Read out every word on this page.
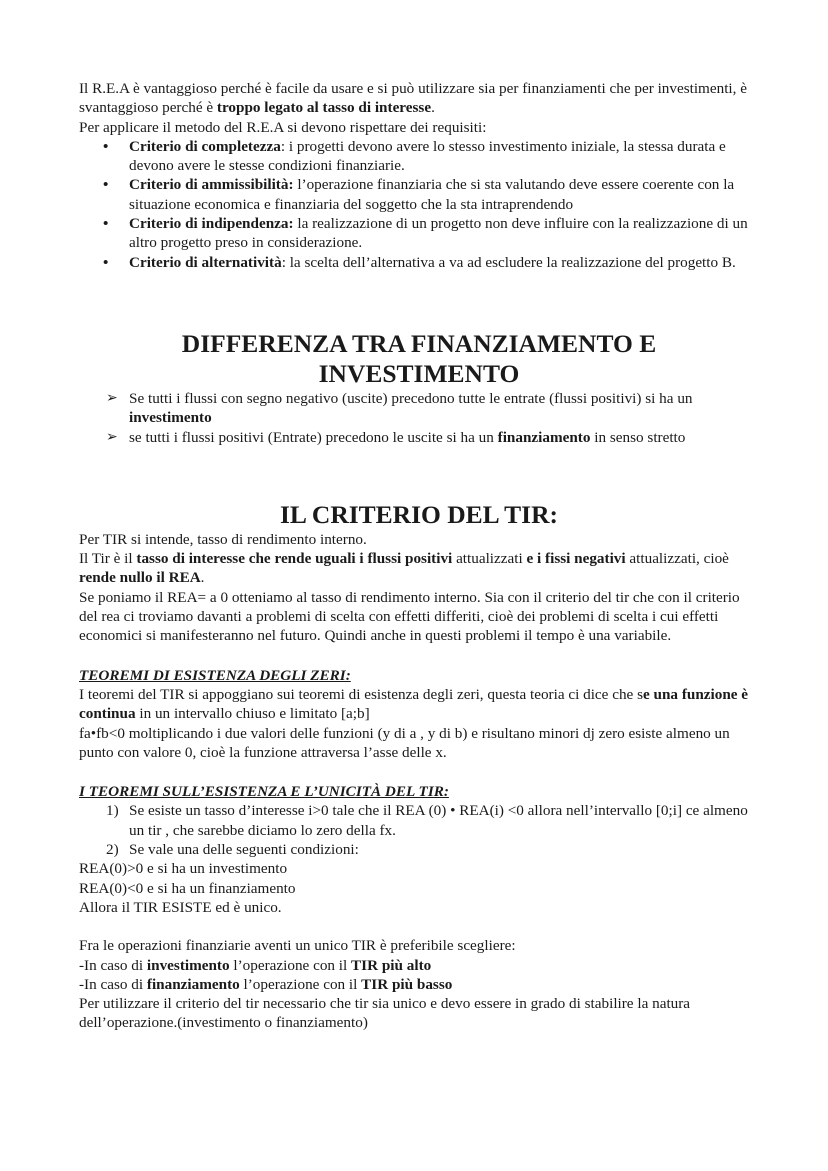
Il R.E.A è vantaggioso perché è facile da usare e si può utilizzare sia per finanziamenti che per investimenti, è svantaggioso perché è troppo legato al tasso di interesse.

Per applicare il metodo del R.E.A si devono rispettare dei requisiti:

• Criterio di completezza: i progetti devono avere lo stesso investimento iniziale, la stessa durata e devono avere le stesse condizioni finanziarie.
• Criterio di ammissibilità: l’operazione finanziaria che si sta valutando deve essere coerente con la situazione economica e finanziaria del soggetto che la sta intraprendendo
• Criterio di indipendenza: la realizzazione di un progetto non deve influire con la realizzazione di un altro progetto preso in considerazione.
• Criterio di alternatività: la scelta dell’alternativa a va ad escludere la realizzazione del progetto B.
DIFFERENZA TRA FINANZIAMENTO E INVESTIMENTO
➢ Se tutti i flussi con segno negativo (uscite) precedono tutte le entrate (flussi positivi) si ha un investimento
➢ se tutti i flussi positivi (Entrate) precedono le uscite si ha un finanziamento in senso stretto
IL CRITERIO DEL TIR:

Per TIR si intende, tasso di rendimento interno.

Il Tir è il tasso di interesse che rende uguali i flussi positivi attualizzati e i fissi negativi attualizzati, cioè rende nullo il REA.

Se poniamo il REA= a 0 otteniamo al tasso di rendimento interno. Sia con il criterio del tir che con il criterio del rea ci troviamo davanti a problemi di scelta con effetti differiti, cioè dei problemi di scelta i cui effetti economici si manifesteranno nel futuro. Quindi anche in questi problemi il tempo è una variabile.

TEOREMI DI ESISTENZA DEGLI ZERI:

I teoremi del TIR si appoggiano sui teoremi di esistenza degli zeri, questa teoria ci dice che se una funzione è continua in un intervallo chiuso e limitato [a;b]

fa•fb<0 moltiplicando i due valori delle funzioni (y di a , y di b) e risultano minori dj zero esiste almeno un punto con valore 0, cioè la funzione attraversa l’asse delle x.

I TEOREMI SULL’ESISTENZA E L’UNICITÀ DEL TIR:
1) Se esiste un tasso d’interesse i>0 tale che il REA (0) • REA(i) <0 allora nell’intervallo [0;i] ce almeno un tir , che sarebbe diciamo lo zero della fx.
2) Se vale una delle seguenti condizioni:

REA(0)>0 e si ha un investimento

REA(0)<0 e si ha un finanziamento

Allora il TIR ESISTE ed è unico.

Fra le operazioni finanziarie aventi un unico TIR è preferibile scegliere:

-In caso di investimento l’operazione con il TIR più alto

-In caso di finanziamento l’operazione con il TIR più basso

Per utilizzare il criterio del tir necessario che tir sia unico e devo essere in grado di stabilire la natura dell’operazione.(investimento o finanziamento)
